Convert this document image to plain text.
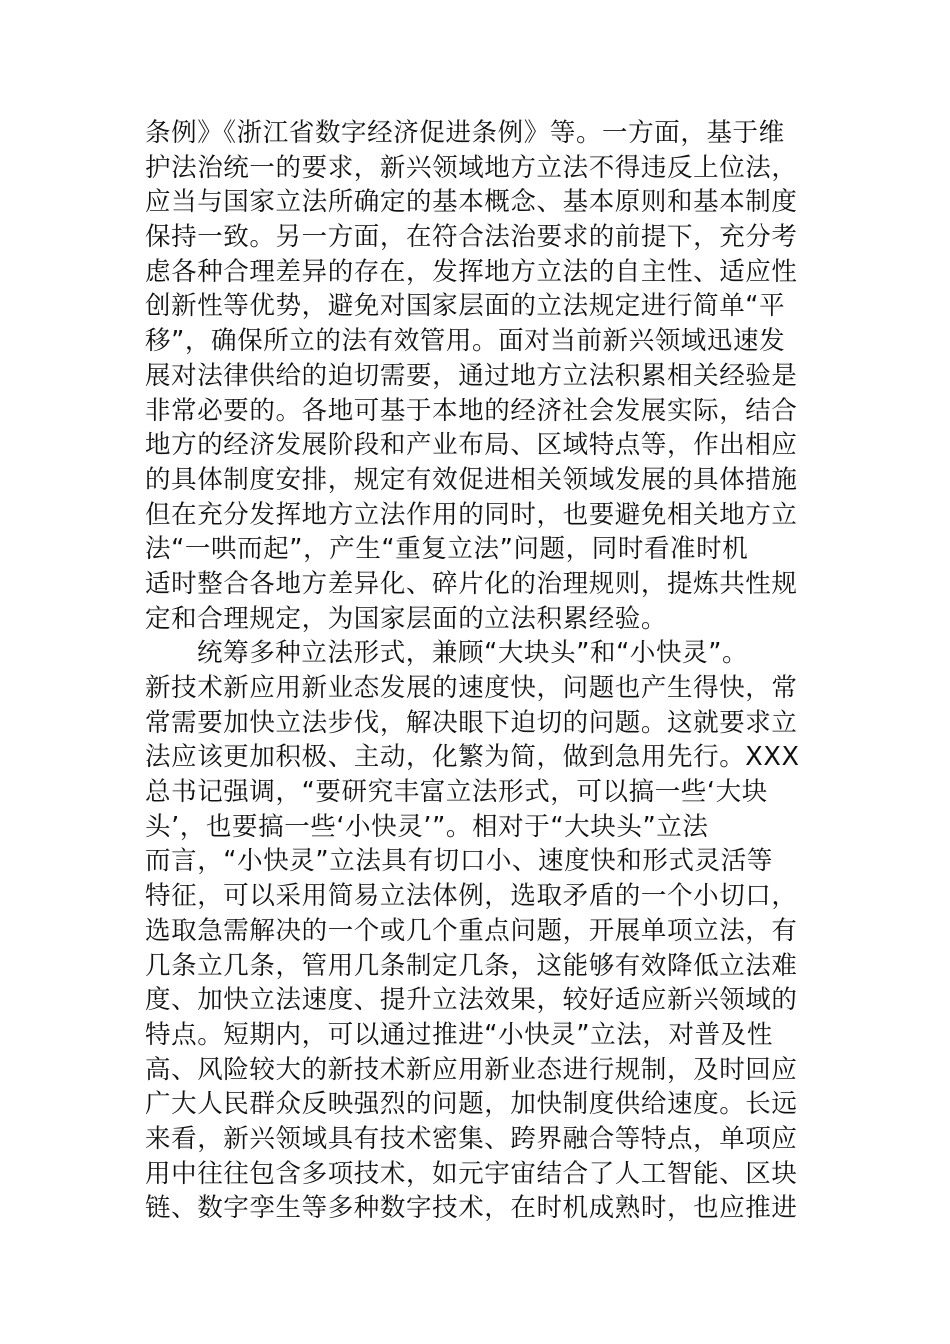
条例》《浙江省数字经济促进条例》等。一方面，基于维
护法治统一的要求，新兴领域地方立法不得违反上位法，
应当与国家立法所确定的基本概念、基本原则和基本制度
保持一致。另一方面，在符合法治要求的前提下，充分考
虑各种合理差异的存在，发挥地方立法的自主性、适应性
创新性等优势，避免对国家层面的立法规定进行简单“平
移”，确保所立的法有效管用。面对当前新兴领域迅速发
展对法律供给的迫切需要，通过地方立法积累相关经验是
非常必要的。各地可基于本地的经济社会发展实际，结合
地方的经济发展阶段和产业布局、区域特点等，作出相应
的具体制度安排，规定有效促进相关领域发展的具体措施
但在充分发挥地方立法作用的同时，也要避免相关地方立
法“一哄而起”，产生“重复立法”问题，同时看准时机
适时整合各地方差异化、碎片化的治理规则，提炼共性规
定和合理规定，为国家层面的立法积累经验。
统筹多种立法形式，兼顾“大块头”和“小快灵”。
新技术新应用新业态发展的速度快，问题也产生得快，常
常需要加快立法步伐，解决眼下迫切的问题。这就要求立
法应该更加积极、主动，化繁为简，做到急用先行。XXX
总书记强调，“要研究丰富立法形式，可以搞一些‘大块
头’，也要搞一些‘小快灵’”。相对于“大块头”立法
而言，“小快灵”立法具有切口小、速度快和形式灵活等
特征，可以采用简易立法体例，选取矛盾的一个小切口，
选取急需解决的一个或几个重点问题，开展单项立法，有
几条立几条，管用几条制定几条，这能够有效降低立法难
度、加快立法速度、提升立法效果，较好适应新兴领域的
特点。短期内，可以通过推进“小快灵”立法，对普及性
高、风险较大的新技术新应用新业态进行规制，及时回应
广大人民群众反映强烈的问题，加快制度供给速度。长远
来看，新兴领域具有技术密集、跨界融合等特点，单项应
用中往往包含多项技术，如元宇宙结合了人工智能、区块
链、数字孪生等多种数字技术，在时机成熟时，也应推进
